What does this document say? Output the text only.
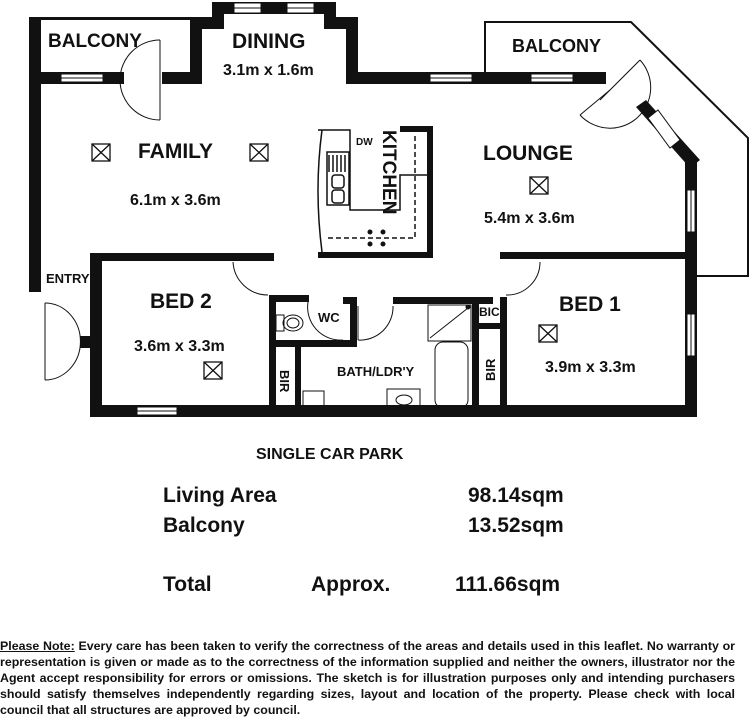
BALCONY	DINING
3.1m x 1.6m
BALCONY
FAMILY
6.1m x 3.6m
DW KITCHEN	LOUNGE
5.4m x 3.6m
ENTRY
BED 2
3.6m x 3.3m
WC
BIR	BATH/LDR'Y
BIC
BIR
BED 1
3.9m x 3.3m
SINGLE CAR PARK
Living Area	98.14sqm
Balcony	13.52sqm
Total	Approx.	111.66sqm
Please Note: Every care has been taken to verify the correctness of the areas and details used in this leaflet. No warranty or representation is given or made as to the correctness of the information supplied and neither the owners, illustrator nor the Agent accept responsibility for errors or omissions. The sketch is for illustration purposes only and intending purchasers should satisfy themselves independently regarding sizes, layout and location of the property. Please check with local council that all structures are approved by council.
